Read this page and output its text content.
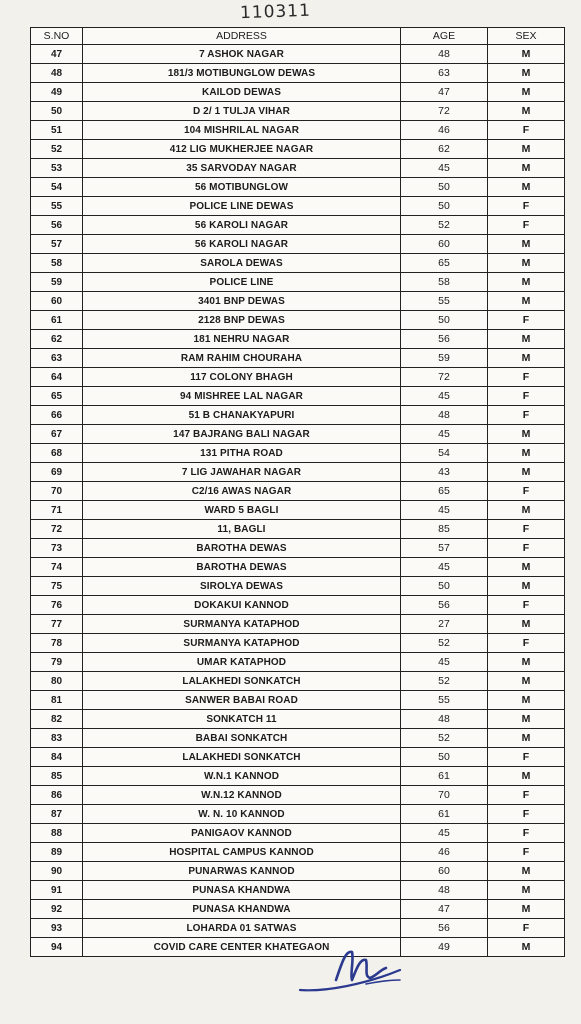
110311
S.NO	ADDRESS	AGE	SEX
47	7 ASHOK NAGAR	48	M
48	181/3 MOTIBUNGLOW DEWAS	63	M
49	KAILOD DEWAS	47	M
50	D 2/ 1 TULJA VIHAR	72	M
51	104 MISHRILAL NAGAR	46	F
52	412 LIG MUKHERJEE NAGAR	62	M
53	35 SARVODAY NAGAR	45	M
54	56 MOTIBUNGLOW	50	M
55	POLICE LINE DEWAS	50	F
56	56 KAROLI NAGAR	52	F
57	56 KAROLI NAGAR	60	M
58	SAROLA DEWAS	65	M
59	POLICE LINE	58	M
60	3401 BNP DEWAS	55	M
61	2128 BNP DEWAS	50	F
62	181 NEHRU NAGAR	56	M
63	RAM RAHIM CHOURAHA	59	M
64	117 COLONY BHAGH	72	F
65	94 MISHREE LAL NAGAR	45	F
66	51 B CHANAKYAPURI	48	F
67	147 BAJRANG BALI NAGAR	45	M
68	131 PITHA ROAD	54	M
69	7 LIG JAWAHAR NAGAR	43	M
70	C2/16 AWAS NAGAR	65	F
71	WARD 5 BAGLI	45	M
72	11, BAGLI	85	F
73	BAROTHA DEWAS	57	F
74	BAROTHA DEWAS	45	M
75	SIROLYA DEWAS	50	M
76	DOKAKUI KANNOD	56	F
77	SURMANYA KATAPHOD	27	M
78	SURMANYA KATAPHOD	52	F
79	UMAR KATAPHOD	45	M
80	LALAKHEDI SONKATCH	52	M
81	SANWER BABAI ROAD	55	M
82	SONKATCH 11	48	M
83	BABAI SONKATCH	52	M
84	LALAKHEDI SONKATCH	50	F
85	W.N.1 KANNOD	61	M
86	W.N.12 KANNOD	70	F
87	W. N. 10 KANNOD	61	F
88	PANIGAOV KANNOD	45	F
89	HOSPITAL CAMPUS KANNOD	46	F
90	PUNARWAS KANNOD	60	M
91	PUNASA KHANDWA	48	M
92	PUNASA KHANDWA	47	M
93	LOHARDA 01 SATWAS	56	F
94	COVID CARE CENTER KHATEGAON	49	M
